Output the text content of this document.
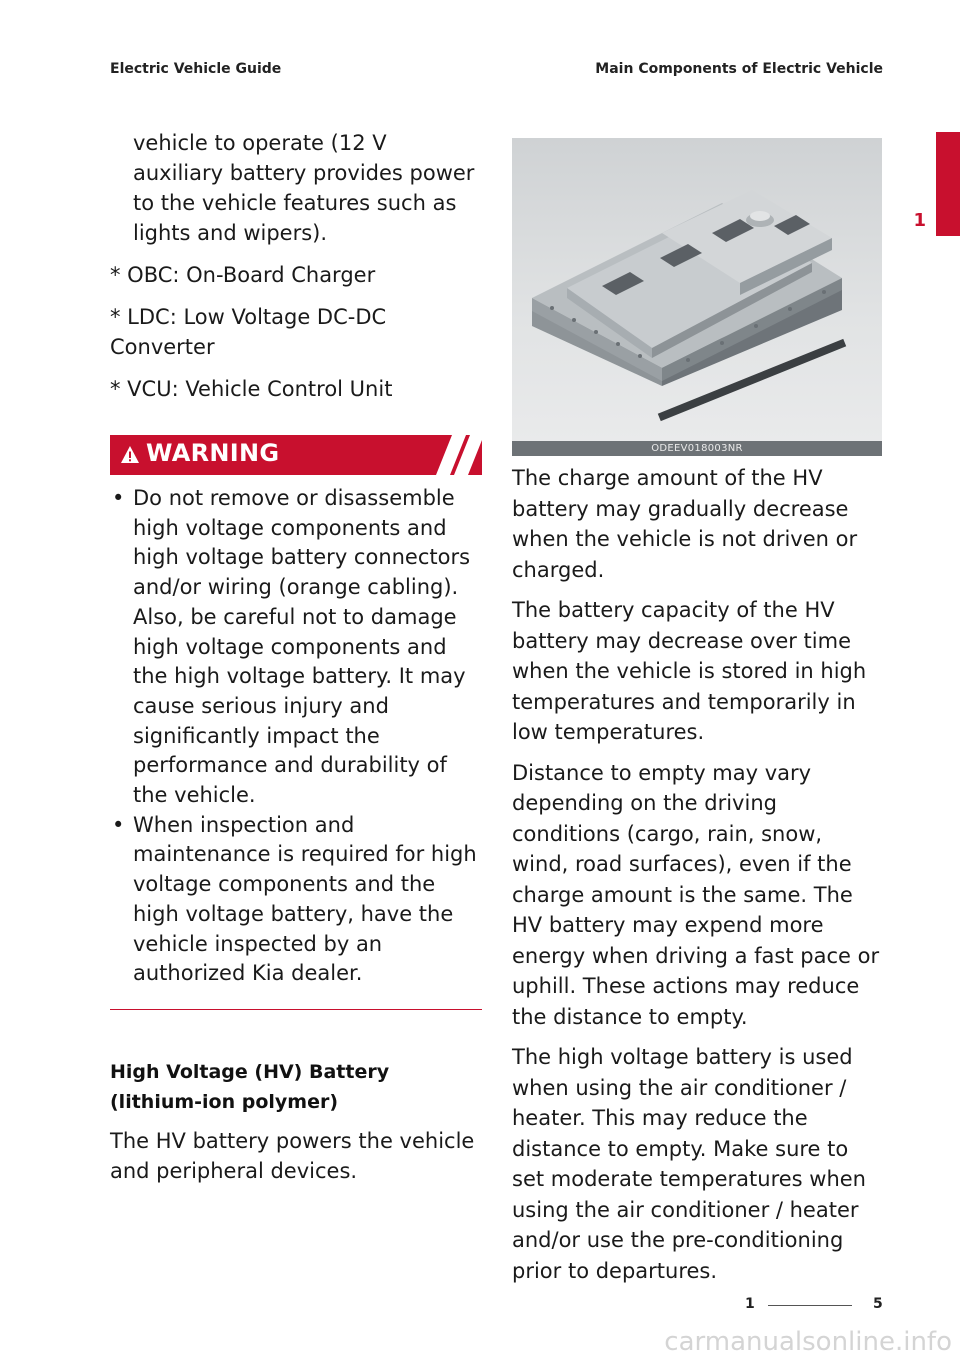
Electric Vehicle Guide	Main Components of Electric Vehicle
1

vehicle to operate (12 V auxiliary battery provides power to the vehicle features such as lights and wipers).

* OBC: On-Board Charger

* LDC: Low Voltage DC-DC Converter

* VCU: Vehicle Control Unit

WARNING
• Do not remove or disassemble high voltage components and high voltage battery connectors and/or wiring (orange cabling). Also, be careful not to damage high voltage components and the high voltage battery. It may cause serious injury and significantly impact the performance and durability of the vehicle.
• When inspection and maintenance is required for high voltage components and the high voltage battery, have the vehicle inspected by an authorized Kia dealer.
High Voltage (HV) Battery (lithium-ion polymer)

The HV battery powers the vehicle and peripheral devices.

ODEEV018003NR

The charge amount of the HV battery may gradually decrease when the vehicle is not driven or charged.

The battery capacity of the HV battery may decrease over time when the vehicle is stored in high temperatures and temporarily in low temperatures.

Distance to empty may vary depending on the driving conditions (cargo, rain, snow, wind, road surfaces), even if the charge amount is the same. The HV battery may expend more energy when driving a fast pace or uphill. These actions may reduce the distance to empty.

The high voltage battery is used when using the air conditioner / heater. This may reduce the distance to empty. Make sure to set moderate temperatures when using the air conditioner / heater and/or use the pre-conditioning prior to departures.

1	5
carmanualsonline.info
